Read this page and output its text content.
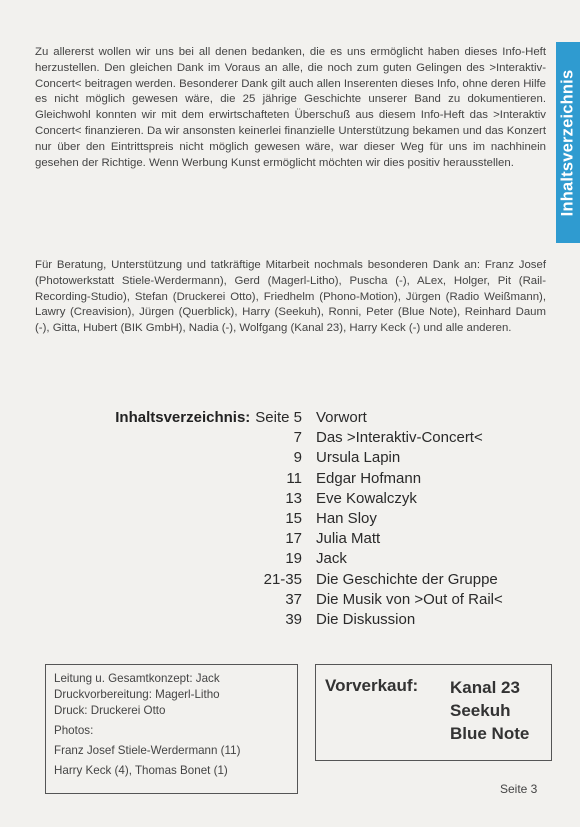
Zu allererst wollen wir uns bei all denen bedanken, die es uns ermöglicht haben dieses Info-Heft herzustellen. Den gleichen Dank im Voraus an alle, die noch zum guten Gelingen des >Interaktiv-Concert< beitragen werden. Besonderer Dank gilt auch allen Inserenten dieses Info, ohne deren Hilfe es nicht möglich gewesen wäre, die 25 jährige Geschichte unserer Band zu dokumentieren. Gleichwohl konnten wir mit dem erwirtschafteten Überschuß aus diesem Info-Heft das >Interaktiv Concert< finanzieren. Da wir ansonsten keinerlei finanzielle Unterstützung bekamen und das Konzert nur über den Eintrittspreis nicht möglich gewesen wäre, war dieser Weg für uns im nachhinein gesehen der Richtige. Wenn Werbung Kunst ermöglicht möchten wir dies positiv herausstellen.

Für Beratung, Unterstützung und tatkräftige Mitarbeit nochmals besonderen Dank an: Franz Josef (Photowerkstatt Stiele-Werdermann), Gerd (Magerl-Litho), Puscha (-), ALex, Holger, Pit (Rail-Recording-Studio), Stefan (Druckerei Otto), Friedhelm (Phono-Motion), Jürgen (Radio Weißmann), Lawry (Creavision), Jürgen (Querblick), Harry (Seekuh), Ronni, Peter (Blue Note), Reinhard Daum (-), Gitta, Hubert (BIK GmbH), Nadia (-), Wolfgang (Kanal 23), Harry Keck (-) und alle anderen.

Inhaltsverzeichnis
Inhaltsverzeichnis: Seite 5 Vorwort
7 Das >Interaktiv-Concert<
9 Ursula Lapin
11 Edgar Hofmann
13 Eve Kowalczyk
15 Han Sloy
17 Julia Matt
19 Jack
21-35 Die Geschichte der Gruppe
37 Die Musik von >Out of Rail<
39 Die Diskussion
Leitung u. Gesamtkonzept: Jack
Druckvorbereitung: Magerl-Litho
Druck: Druckerei Otto
Photos:
Franz Josef Stiele-Werdermann (11)
Harry Keck (4), Thomas Bonet (1)
Vorverkauf: Kanal 23
Seekuh
Blue Note
Seite 3
